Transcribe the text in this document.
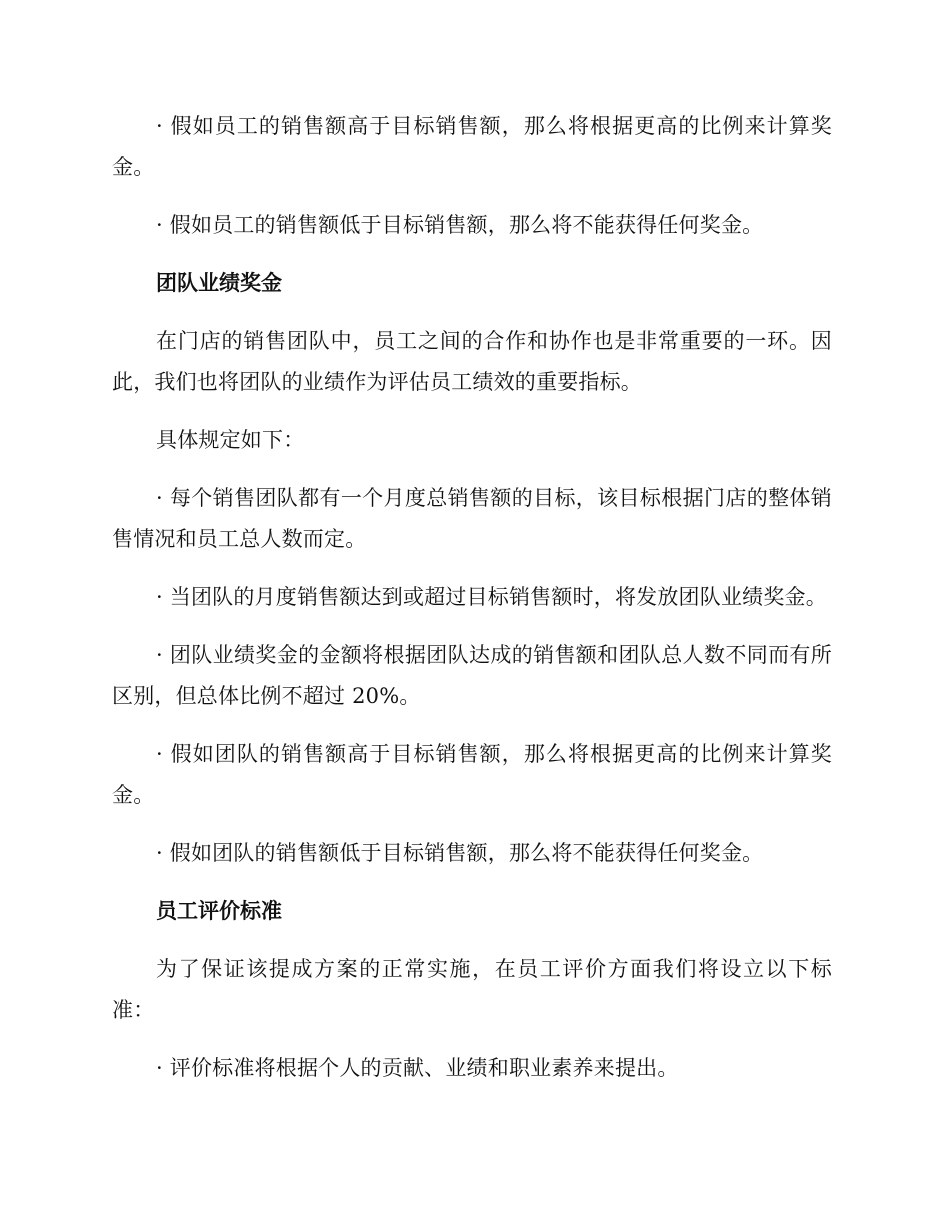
· 假如员工的销售额高于目标销售额，那么将根据更高的比例来计算奖金。

· 假如员工的销售额低于目标销售额，那么将不能获得任何奖金。

团队业绩奖金

在门店的销售团队中，员工之间的合作和协作也是非常重要的一环。因此，我们也将团队的业绩作为评估员工绩效的重要指标。

具体规定如下：

· 每个销售团队都有一个月度总销售额的目标，该目标根据门店的整体销售情况和员工总人数而定。

· 当团队的月度销售额达到或超过目标销售额时，将发放团队业绩奖金。

· 团队业绩奖金的金额将根据团队达成的销售额和团队总人数不同而有所区别，但总体比例不超过 20%。

· 假如团队的销售额高于目标销售额，那么将根据更高的比例来计算奖金。

· 假如团队的销售额低于目标销售额，那么将不能获得任何奖金。

员工评价标准

为了保证该提成方案的正常实施，在员工评价方面我们将设立以下标准：

· 评价标准将根据个人的贡献、业绩和职业素养来提出。
